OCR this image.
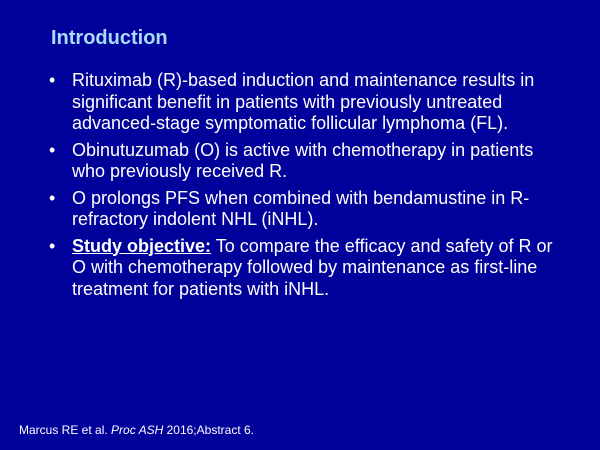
Introduction
• Rituximab (R)-based induction and maintenance results in significant benefit in patients with previously untreated advanced-stage symptomatic follicular lymphoma (FL).
• Obinutuzumab (O) is active with chemotherapy in patients who previously received R.
• O prolongs PFS when combined with bendamustine in R-refractory indolent NHL (iNHL).
• Study objective: To compare the efficacy and safety of R or O with chemotherapy followed by maintenance as first-line treatment for patients with iNHL.

Marcus RE et al. Proc ASH 2016;Abstract 6.
